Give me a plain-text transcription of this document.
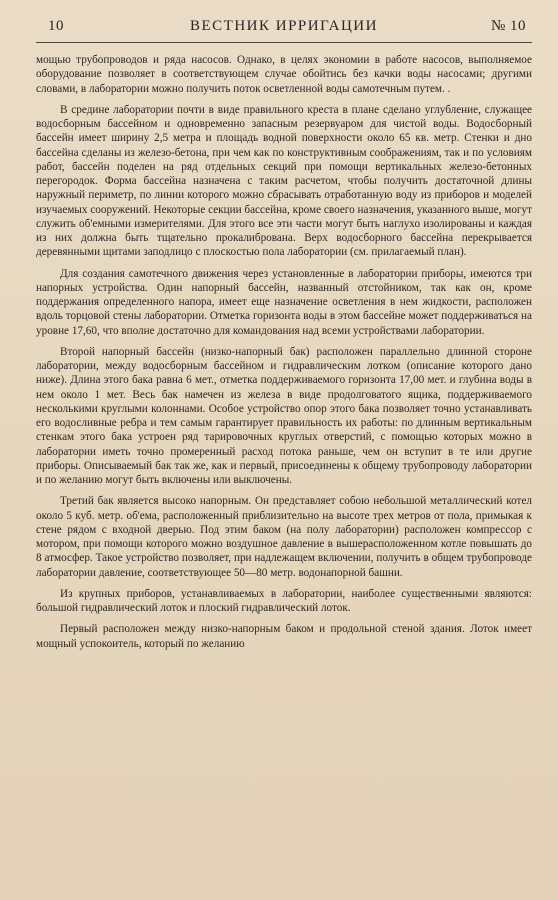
10	ВЕСТНИК ИРРИГАЦИИ	№ 10

мощью трубопроводов и ряда насосов. Однако, в целях экономии в работе насосов, выполняемое оборудование позволяет в соответствующем случае обойтись без качки воды насосами; другими словами, в лаборатории можно получить поток осветленной воды самотечным путем. .

В средине лаборатории почти в виде правильного креста в плане сделано углубление, служащее водосборным бассейном и одновременно запасным резервуаром для чистой воды. Водосборный бассейн имеет ширину 2,5 метра и площадь водной поверхности около 65 кв. метр. Стенки и дно бассейна сделаны из железо-бетона, при чем как по конструктивным соображениям, так и по условиям работ, бассейн поделен на ряд отдельных секций при помощи вертикальных железо-бетонных перегородок. Форма бассейна назначена с таким расчетом, чтобы получить достаточной длины наружный периметр, по линии которого можно сбрасывать отработанную воду из приборов и моделей изучаемых сооружений. Некоторые секции бассейна, кроме своего назначения, указанного выше, могут служить об'емными измерителями. Для этого все эти части могут быть наглухо изолированы и каждая из них должна быть тщательно прокалиброванa. Верх водосборного бассейна перекрывается деревянными щитами заподлицо с плоскостью пола лаборатории (см. прилагаемый план).

Для создания самотечного движения через установленные в лаборатории приборы, имеются три напорных устройства. Один напорный бассейн, названный отстойником, так как он, кроме поддержания определенного напора, имеет еще назначение осветления в нем жидкости, расположен вдоль торцовой стены лаборатории. Отметка горизонта воды в этом бассейне может поддерживаться на уровне 17,60, что вполне достаточно для командования над всеми устройствами лаборатории.

Второй напорный бассейн (низко-напорный бак) расположен параллельно длинной стороне лаборатории, между водосборным бассейном и гидравлическим лотком (описание которого дано ниже). Длина этого бака равна 6 мет., отметка поддерживаемого горизонта 17,00 мет. и глубина воды в нем около 1 мет. Весь бак намечен из железа в виде продолговатого ящика, поддерживаемого несколькими круглыми колоннами. Особое устройство опор этого бака позволяет точно устанавливать его водосливные ребра и тем самым гарантирует правильность их работы: по длинным вертикальным стенкам этого бака устроен ряд тарировочных круглых отверстий, с помощью которых можно в лаборатории иметь точно промеренный расход потока раньше, чем он вступит в те или другие приборы. Описываемый бак так же, как и первый, присоединены к общему трубопроводу лаборатории и по желанию могут быть включены или выключены.

Третий бак является высоко напорным. Он представляет собою небольшой металлический котел около 5 куб. метр. об'ема, расположенный приблизительно на высоте трех метров от пола, примыкая к стене рядом с входной дверью. Под этим баком (на полу лаборатории) расположен компрессор с мотором, при помощи которого можно воздушное давление в вышерасположенном котле повышать до 8 атмосфер. Такое устройство позволяет, при надлежащем включении, получить в общем трубопроводе лаборатории давление, соответствующее 50—80 метр. водонапорной башни.

Из крупных приборов, устанавливаемых в лаборатории, наиболее существенными являются: большой гидравлический лоток и плоский гидравлический лоток.

Первый расположен между низко-напорным баком и продольной стеной здания. Лоток имеет мощный успокоитель, который по желанию
